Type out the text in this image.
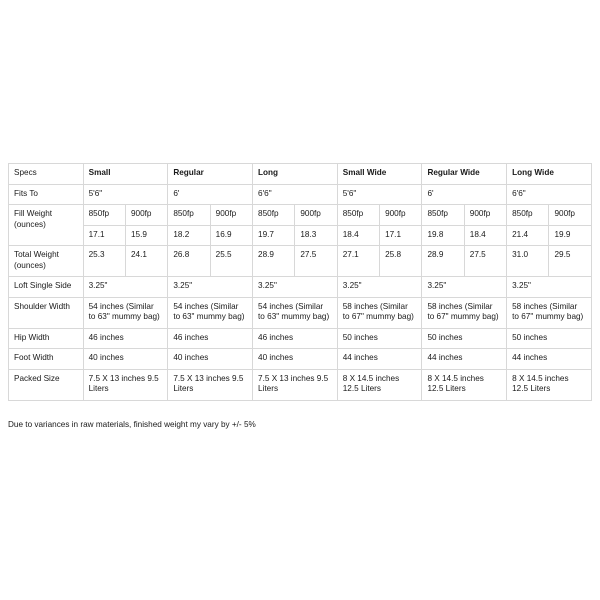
Specs	Small		Regular		Long		Small Wide		Regular Wide		Long Wide	
Fits To	5'6"		6'		6'6"		5'6"		6'		6'6"	
Fill Weight (ounces)	850fp	900fp	850fp	900fp	850fp	900fp	850fp	900fp	850fp	900fp	850fp	900fp
	17.1	15.9	18.2	16.9	19.7	18.3	18.4	17.1	19.8	18.4	21.4	19.9
Total Weight (ounces)	25.3	24.1	26.8	25.5	28.9	27.5	27.1	25.8	28.9	27.5	31.0	29.5
Loft Single Side	3.25"		3.25"		3.25"		3.25"		3.25"		3.25"	
Shoulder Width	54 inches (Similar to 63" mummy bag)		54 inches (Similar to 63" mummy bag)		54 inches (Similar to 63" mummy bag)		58 inches (Similar to 67" mummy bag)		58 inches (Similar to 67" mummy bag)		58 inches (Similar to 67" mummy bag)	
Hip Width	46 inches		46 inches		46 inches		50 inches		50 inches		50 inches	
Foot Width	40 inches		40 inches		40 inches		44 inches		44 inches		44 inches	
Packed Size	7.5 X 13 inches 9.5 Liters		7.5 X 13 inches 9.5 Liters		7.5 X 13 inches 9.5 Liters		8 X 14.5 inches 12.5 Liters		8 X 14.5 inches 12.5 Liters		8 X 14.5 inches 12.5 Liters	
Due to variances in raw materials, finished weight my vary by +/- 5%
